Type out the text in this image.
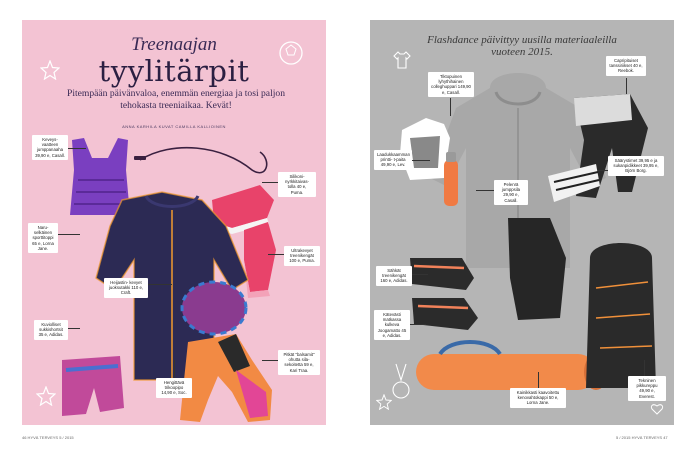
Treenaajan
tyylitärpit
Pitempään päivänvaloa, enemmän energiaa ja tosi paljon tehokasta treeniaikaa. Kevät!
ANNA KARHILA KUVAT CAMILLA KALLIOINEN
Keveys- vaatteen jumppanaaha 39,90 e, Casall.
Naru- selkäinen sporttitoppi 65 e, Lorna Jane.
Heijastin- kevyet juoksutakki 110 e, Craft.
Kuviolliset sukkishortsit 35 e, Adidas.
Hengittävä trikoopipo 14,90 e, Soc.
Silikoni- nyrkkitaivas- tolla 40 e, Puma.
Ultrakevyet treenikengät 100 e, Puma.
Pitkät "balsamit" ohutta sila- sekoitetta 59 e, Kari Traa.
Flashdance päivittyy uusilla materiaaleilla vuoteen 2015.
Tiktopuinen lyhythihainen colleghuppari 149,90 e, Casall.
Capripituiset tanssiriikset 40 e, Reebok.
Laadukkaamman printti- t-paita 49,90 e, Lev.
Pelenrä jumppsila 29,90 e, Casall.
Säärystimet 39,95 e ja sukanpidikkeet 39,95 e, Björn Borg.
Sähkät treenikengät 160 e, Adidas.
Kätevästi matkassa kulkeva Joogamatto 45 e, Adidas.
Kainikkasti kaavoitettu kenovahtokappi 50 e, Lorna Jane.
Tekninen pikkureppu 49,90 e, Everest.
46 HYVÄ TERVEYS 5 / 2015	5 / 2015 HYVÄ TERVEYS 47
